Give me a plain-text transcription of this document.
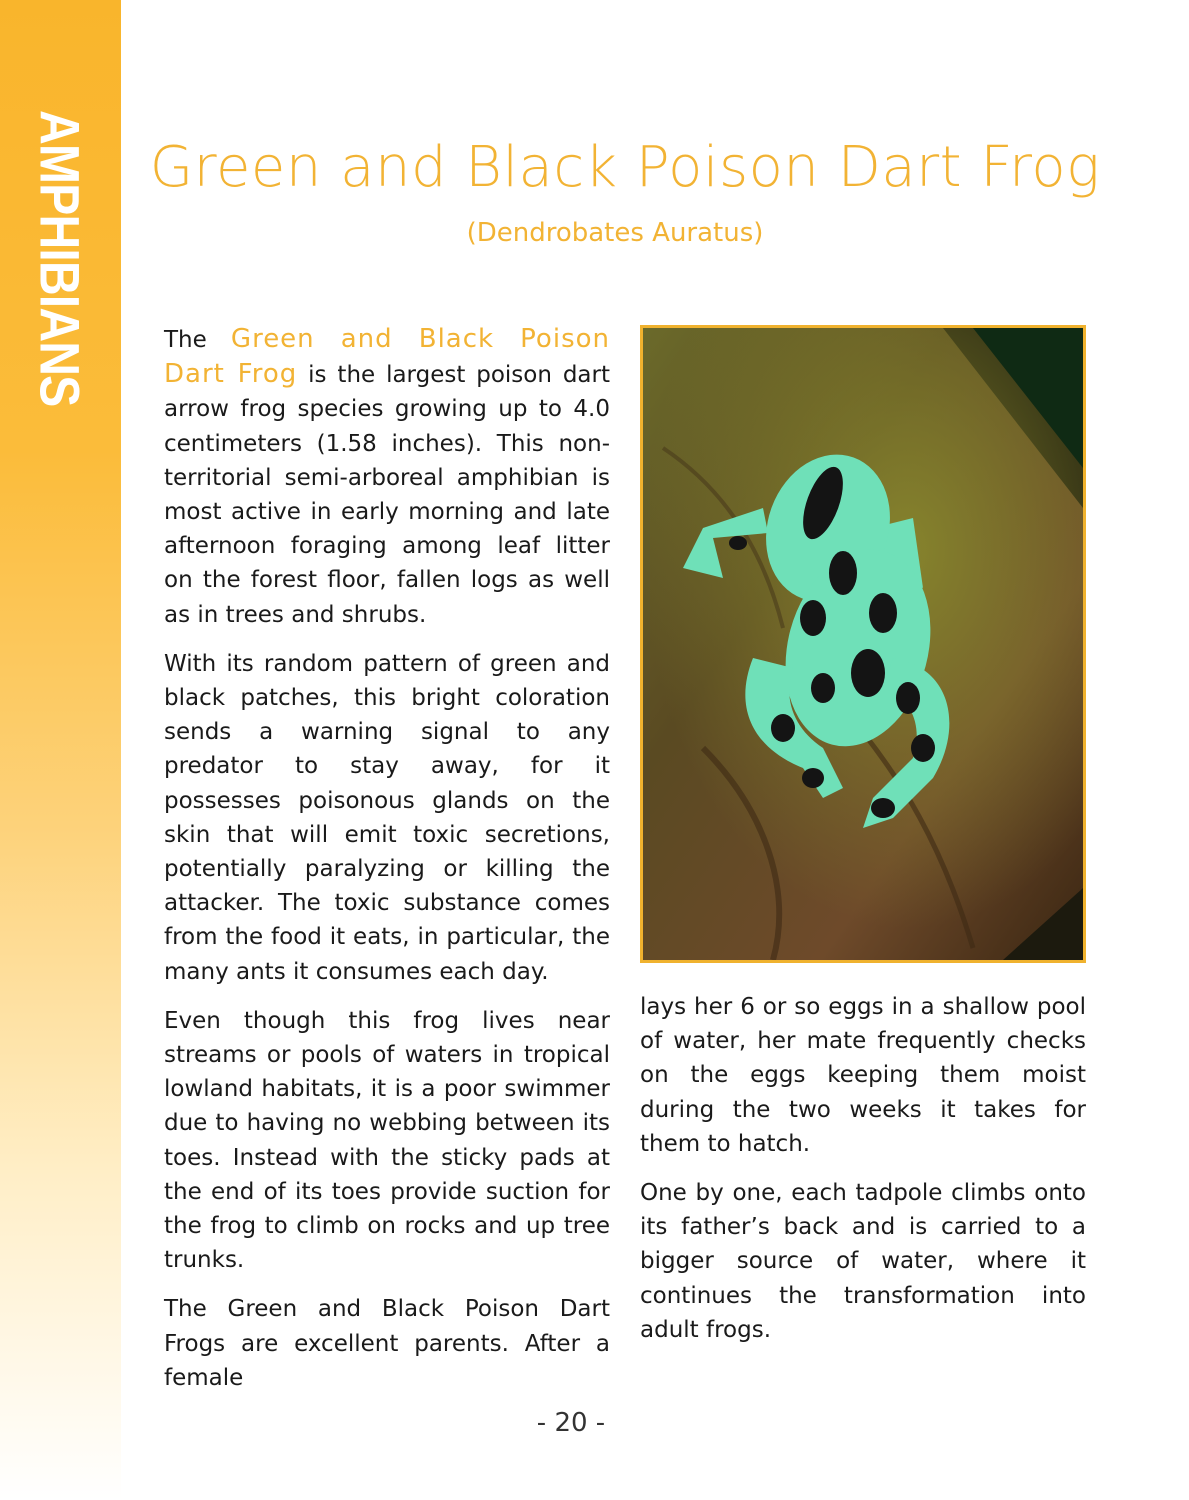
AMPHIBIANS	Green and Black Poison Dart Frog
(Dendrobates Auratus)

The Green and Black Poison Dart Frog is the largest poison dart arrow frog species growing up to 4.0 centimeters (1.58 inches). This non-territorial semi-arboreal amphibian is most active in early morning and late afternoon foraging among leaf litter on the forest floor, fallen logs as well as in trees and shrubs.

With its random pattern of green and black patches, this bright coloration sends a warning signal to any predator to stay away, for it possesses poisonous glands on the skin that will emit toxic secretions, potentially paralyzing or killing the attacker. The toxic substance comes from the food it eats, in particular, the many ants it consumes each day.

Even though this frog lives near streams or pools of waters in tropical lowland habitats, it is a poor swimmer due to having no webbing between its toes. Instead with the sticky pads at the end of its toes provide suction for the frog to climb on rocks and up tree trunks.

The Green and Black Poison Dart Frogs are excellent parents. After a female

lays her 6 or so eggs in a shallow pool of water, her mate frequently checks on the eggs keeping them moist during the two weeks it takes for them to hatch.

One by one, each tadpole climbs onto its father’s back and is carried to a bigger source of water, where it continues the transformation into adult frogs.

- 20 -
